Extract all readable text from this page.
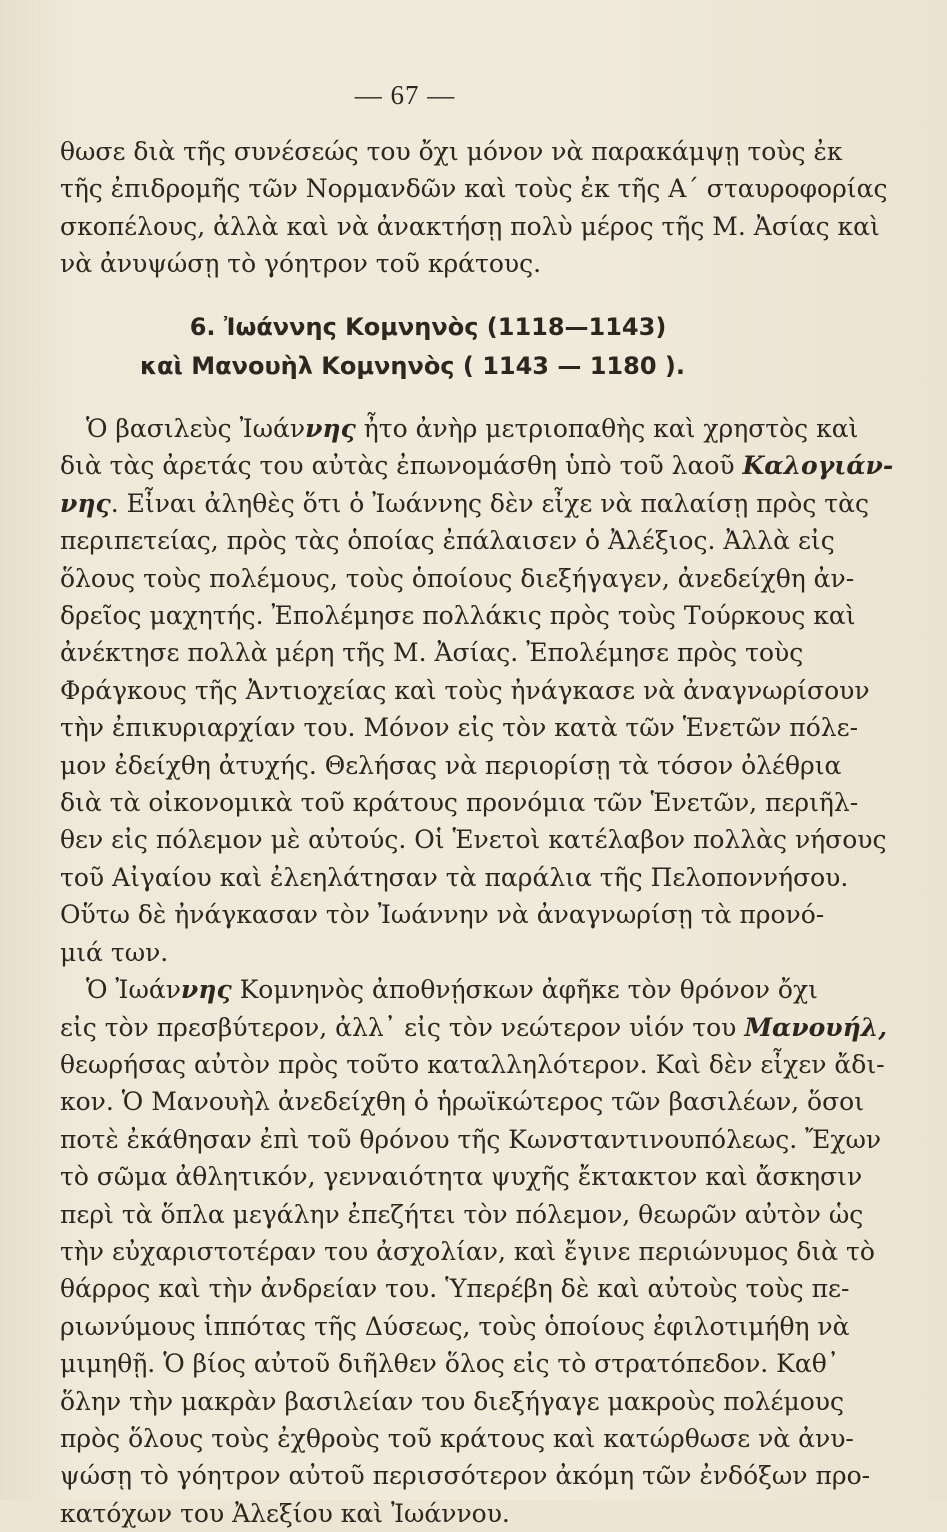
— 67 —
θωσε διὰ τῆς συνέσεώς του ὄχι μόνον νὰ παρακάμψῃ τοὺς ἐκ
τῆς ἐπιδρομῆς τῶν Νορμανδῶν καὶ τοὺς ἐκ τῆς Α΄ σταυροφορίας
σκοπέλους, ἀλλὰ καὶ νὰ ἀνακτήσῃ πολὺ μέρος τῆς Μ. Ἀσίας καὶ
νὰ ἀνυψώσῃ τὸ γόητρον τοῦ κράτους.
6. Ἰωάννης Κομνηνὸς (1118—1143)
καὶ Μανουὴλ Κομνηνὸς ( 1143 — 1180 ).
Ὁ βασιλεὺς Ἰωάννης ἦτο ἀνὴρ μετριοπαθὴς καὶ χρηστὸς καὶ
διὰ τὰς ἀρετάς του αὐτὰς ἐπωνομάσθη ὑπὸ τοῦ λαοῦ Καλογιάν-
νης. Εἶναι ἀληθὲς ὅτι ὁ Ἰωάννης δὲν εἶχε νὰ παλαίσῃ πρὸς τὰς
περιπετείας, πρὸς τὰς ὁποίας ἐπάλαισεν ὁ Ἀλέξιος. Ἀλλὰ εἰς
ὅλους τοὺς πολέμους, τοὺς ὁποίους διεξήγαγεν, ἀνεδείχθη ἀν-
δρεῖος μαχητής. Ἐπολέμησε πολλάκις πρὸς τοὺς Τούρκους καὶ
ἀνέκτησε πολλὰ μέρη τῆς Μ. Ἀσίας. Ἐπολέμησε πρὸς τοὺς
Φράγκους τῆς Ἀντιοχείας καὶ τοὺς ἠνάγκασε νὰ ἀναγνωρίσουν
τὴν ἐπικυριαρχίαν του. Μόνον εἰς τὸν κατὰ τῶν Ἑνετῶν πόλε-
μον ἐδείχθη ἀτυχής. Θελήσας νὰ περιορίσῃ τὰ τόσον ὀλέθρια
διὰ τὰ οἰκονομικὰ τοῦ κράτους προνόμια τῶν Ἑνετῶν, περιῆλ-
θεν εἰς πόλεμον μὲ αὐτούς. Οἱ Ἑνετοὶ κατέλαβον πολλὰς νήσους
τοῦ Αἰγαίου καὶ ἐλεηλάτησαν τὰ παράλια τῆς Πελοποννήσου.
Οὕτω δὲ ἠνάγκασαν τὸν Ἰωάννην νὰ ἀναγνωρίσῃ τὰ προνό-
μιά των.
Ὁ Ἰωάννης Κομνηνὸς ἀποθνῄσκων ἀφῆκε τὸν θρόνον ὄχι
εἰς τὸν πρεσβύτερον, ἀλλ᾽ εἰς τὸν νεώτερον υἱόν του Μανουήλ,
θεωρήσας αὐτὸν πρὸς τοῦτο καταλληλότερον. Καὶ δὲν εἶχεν ἄδι-
κον. Ὁ Μανουὴλ ἀνεδείχθη ὁ ἡρωϊκώτερος τῶν βασιλέων, ὅσοι
ποτὲ ἐκάθησαν ἐπὶ τοῦ θρόνου τῆς Κωνσταντινουπόλεως. Ἔχων
τὸ σῶμα ἀθλητικόν, γενναιότητα ψυχῆς ἔκτακτον καὶ ἄσκησιν
περὶ τὰ ὅπλα μεγάλην ἐπεζήτει τὸν πόλεμον, θεωρῶν αὐτὸν ὡς
τὴν εὐχαριστοτέραν του ἀσχολίαν, καὶ ἔγινε περιώνυμος διὰ τὸ
θάρρος καὶ τὴν ἀνδρείαν του. Ὑπερέβη δὲ καὶ αὐτοὺς τοὺς πε-
ριωνύμους ἱππότας τῆς Δύσεως, τοὺς ὁποίους ἐφιλοτιμήθη νὰ
μιμηθῇ. Ὁ βίος αὐτοῦ διῆλθεν ὅλος εἰς τὸ στρατόπεδον. Καθ᾽
ὅλην τὴν μακρὰν βασιλείαν του διεξήγαγε μακροὺς πολέμους
πρὸς ὅλους τοὺς ἐχθροὺς τοῦ κράτους καὶ κατώρθωσε νὰ ἀνυ-
ψώσῃ τὸ γόητρον αὐτοῦ περισσότερον ἀκόμη τῶν ἐνδόξων προ-
κατόχων του Ἀλεξίου καὶ Ἰωάννου.
